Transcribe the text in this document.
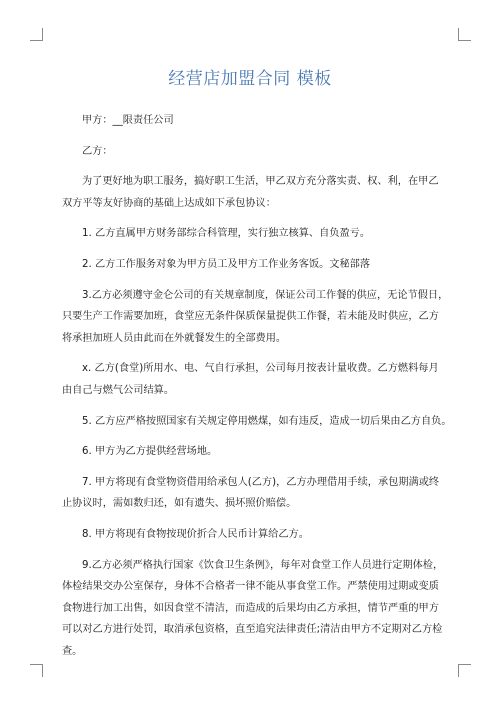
经营店加盟合同 模板
甲方：__限责任公司
乙方：
为了更好地为职工服务，搞好职工生活，甲乙双方充分落实责、权、利，在甲乙
双方平等友好协商的基础上达成如下承包协议：
1. 乙方直属甲方财务部综合科管理，实行独立核算、自负盈亏。
2. 乙方工作服务对象为甲方员工及甲方工作业务客饭。文秘部落
3.乙方必须遵守金仑公司的有关规章制度，保证公司工作餐的供应，无论节假日，
只要生产工作需要加班，食堂应无条件保质保量提供工作餐，若未能及时供应，乙方
将承担加班人员由此而在外就餐发生的全部费用。
x. 乙方(食堂)所用水、电、气自行承担，公司每月按表计量收费。乙方燃料每月
由自己与燃气公司结算。
5. 乙方应严格按照国家有关规定停用燃煤，如有违反，造成一切后果由乙方自负。
6. 甲方为乙方提供经营场地。
7. 甲方将现有食堂物资借用给承包人(乙方)，乙方办理借用手续，承包期满或终
止协议时，需如数归还，如有遗失、损坏照价赔偿。
8. 甲方将现有食物按现价折合人民币计算给乙方。
9.乙方必须严格执行国家《饮食卫生条例》，每年对食堂工作人员进行定期体检，
体检结果交办公室保存，身体不合格者一律不能从事食堂工作。严禁使用过期或变质
食物进行加工出售，如因食堂不清洁，而造成的后果均由乙方承担，情节严重的甲方
可以对乙方进行处罚，取消承包资格，直至追究法律责任;清洁由甲方不定期对乙方检
查。
